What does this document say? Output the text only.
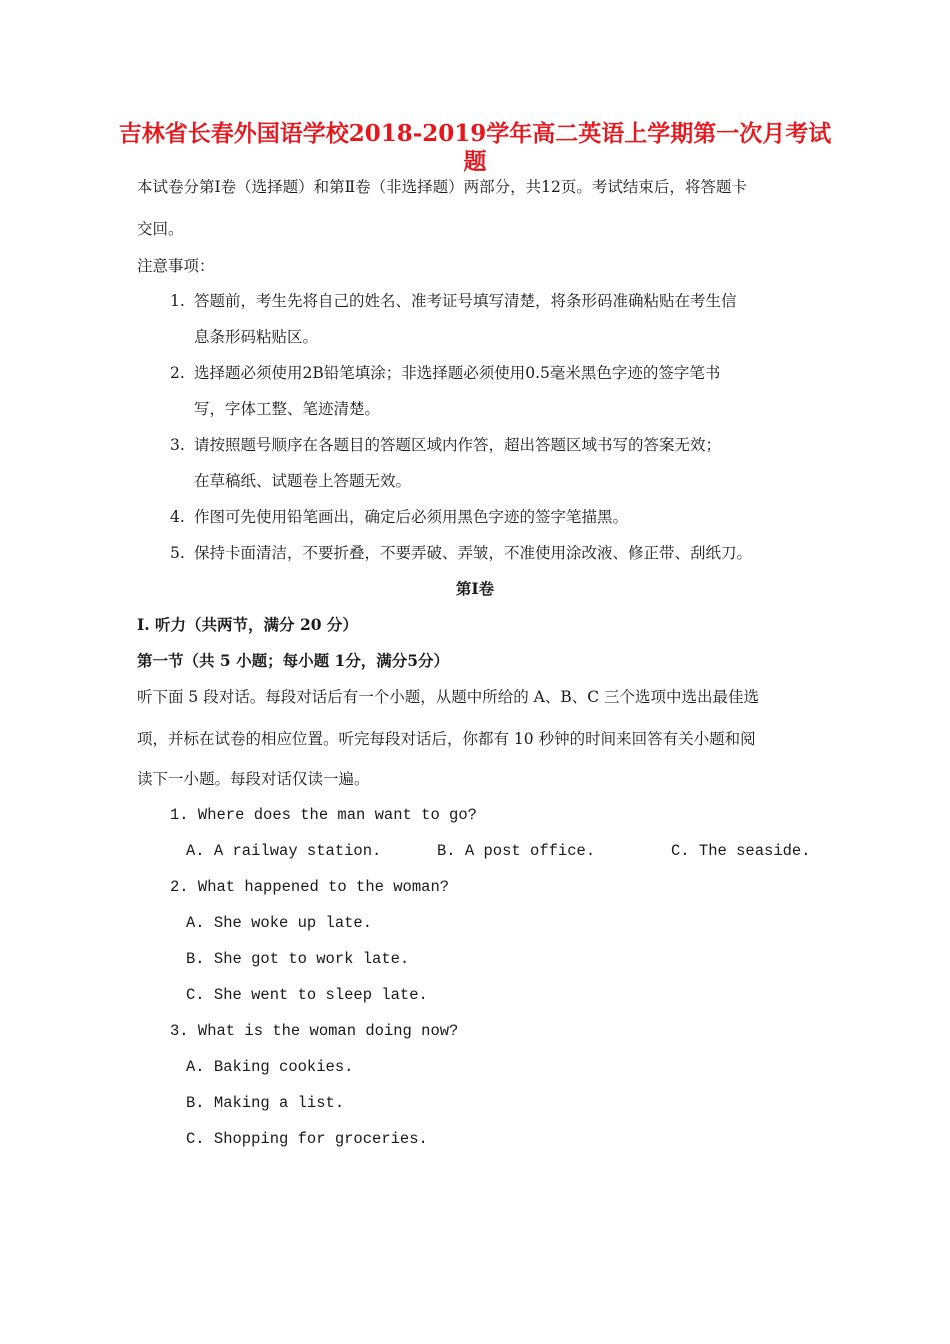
吉林省长春外国语学校2018-2019学年高二英语上学期第一次月考试题
本试卷分第Ⅰ卷（选择题）和第Ⅱ卷（非选择题）两部分，共12页。考试结束后，将答题卡
交回。
注意事项：
1. 答题前，考生先将自己的姓名、准考证号填写清楚，将条形码准确粘贴在考生信
息条形码粘贴区。
2. 选择题必须使用2B铅笔填涂；非选择题必须使用0.5毫米黑色字迹的签字笔书
写，字体工整、笔迹清楚。
3. 请按照题号顺序在各题目的答题区域内作答，超出答题区域书写的答案无效；
在草稿纸、试题卷上答题无效。
4. 作图可先使用铅笔画出，确定后必须用黑色字迹的签字笔描黑。
5. 保持卡面清洁，不要折叠，不要弄破、弄皱，不准使用涂改液、修正带、刮纸刀。
第Ⅰ卷
I. 听力（共两节，满分 20 分）
第一节（共 5 小题；每小题 1分，满分5分）
听下面 5 段对话。每段对话后有一个小题，从题中所给的 A、B、C 三个选项中选出最佳选
项，并标在试卷的相应位置。听完每段对话后，你都有 10 秒钟的时间来回答有关小题和阅
读下一小题。每段对话仅读一遍。
1. Where does the man want to go?
A. A railway station.	B. A post office.	C. The seaside.
2. What happened to the woman?
A. She woke up late.
B. She got to work late.
C. She went to sleep late.
3. What is the woman doing now?
A. Baking cookies.
B. Making a list.
C. Shopping for groceries.
